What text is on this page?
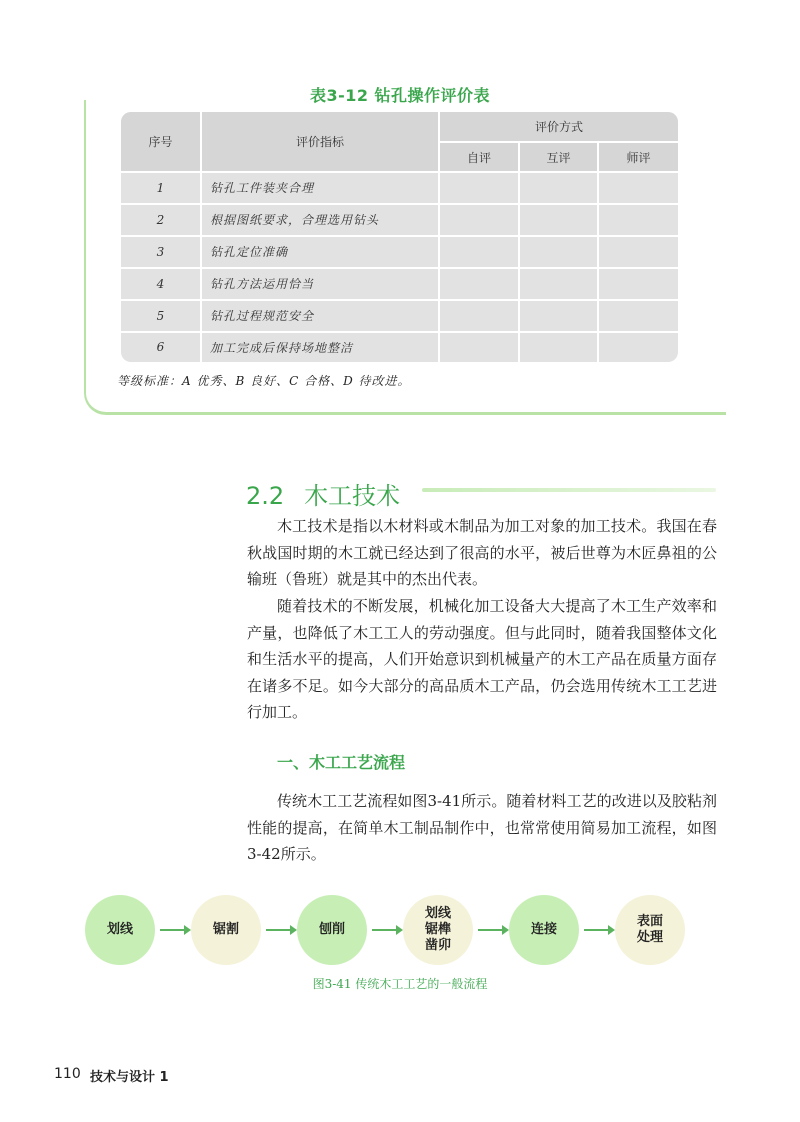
表3-12 钻孔操作评价表
序号	评价指标	评价方式		
		自评	互评	师评
1	钻孔工件装夹合理			
2	根据图纸要求，合理选用钻头			
3	钻孔定位准确			
4	钻孔方法运用恰当			
5	钻孔过程规范安全			
6	加工完成后保持场地整洁			
等级标准：A 优秀、B 良好、C 合格、D 待改进。
2.2 木工技术

木工技术是指以木材料或木制品为加工对象的加工技术。我国在春秋战国时期的木工就已经达到了很高的水平，被后世尊为木匠鼻祖的公输班（鲁班）就是其中的杰出代表。

随着技术的不断发展，机械化加工设备大大提高了木工生产效率和产量，也降低了木工工人的劳动强度。但与此同时，随着我国整体文化和生活水平的提高，人们开始意识到机械量产的木工产品在质量方面存在诸多不足。如今大部分的高品质木工产品，仍会选用传统木工工艺进行加工。

一、木工工艺流程

传统木工工艺流程如图3-41所示。随着材料工艺的改进以及胶粘剂性能的提高，在简单木工制品制作中，也常常使用简易加工流程，如图3-42所示。

划线	锯割	刨削
划线
锯榫
凿卯
连接
表面
处理
图3-41 传统木工工艺的一般流程
110 技术与设计 1
